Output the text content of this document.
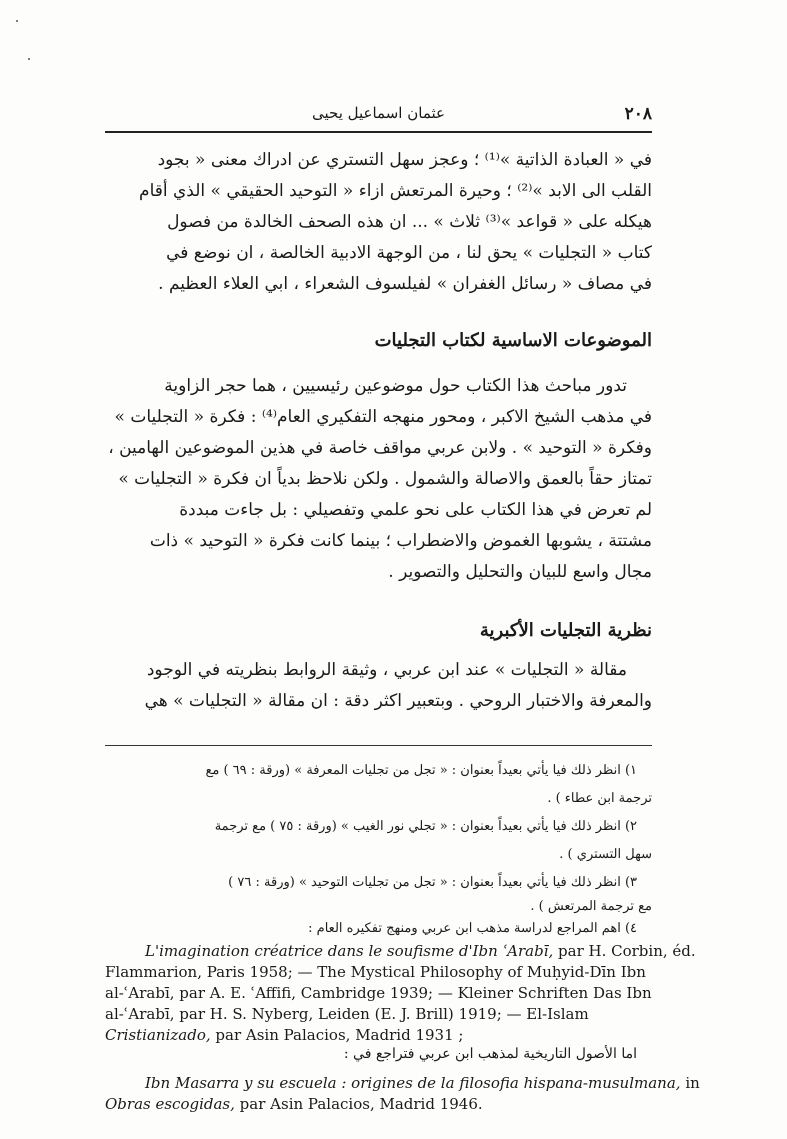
۲۰۸
عثمان اسماعيل يحيى
في « العبادة الذاتية »⁽¹⁾ ؛ وعجز سهل التستري عن ادراك معنى « بجود
القلب الى الابد »⁽²⁾ ؛ وحيرة المرتعش ازاء « التوحيد الحقيقي » الذي أقام
هيكله على « قواعد »⁽³⁾ ثلاث » ... ان هذه الصحف الخالدة من فصول
كتاب « التجليات » يحق لنا ، من الوجهة الادبية الخالصة ، ان نوضع في
في مصاف « رسائل الغفران » لفيلسوف الشعراء ، ابي العلاء العظيم .
الموضوعات الاساسية لكتاب التجليات
تدور مباحث هذا الكتاب حول موضوعين رئيسيين ، هما حجر الزاوية
في مذهب الشيخ الاكبر ، ومحور منهجه التفكيري العام⁽⁴⁾ : فكرة « التجليات »
وفكرة « التوحيد » . ولابن عربي مواقف خاصة في هذين الموضوعين الهامين ،
تمتاز حقاً بالعمق والاصالة والشمول . ولكن نلاحظ بدياً ان فكرة « التجليات »
لم تعرض في هذا الكتاب على نحو علمي وتفصيلي : بل جاءت مبددة
مشتتة ، يشوبها الغموض والاضطراب ؛ بينما كانت فكرة « التوحيد » ذات
مجال واسع للبيان والتحليل والتصوير .
نظرية التجليات الأكبرية
مقالة « التجليات » عند ابن عربي ، وثيقة الروابط بنظريته في الوجود
والمعرفة والاختبار الروحي . وبتعبير اكثر دقة : ان مقالة « التجليات » هي
١) انظر ذلك فيا يأتي بعيداً بعنوان : « تجل من تجليات المعرفة » (ورقة : ٦٩ ) مع
ترجمة ابن عطاء ) .
٢) انظر ذلك فيا يأتي بعيداً بعنوان : « تجلي نور الغيب » (ورقة : ٧٥ ) مع ترجمة
سهل التستري ) .
٣) انظر ذلك فيا يأتي بعيداً بعنوان : « تجل من تجليات التوحيد » (ورقة : ٧٦ )
مع ترجمة المرتعش ) .
٤) اهم المراجع لدراسة مذهب ابن عربي ومنهج تفكيره العام :
L'imagination créatrice dans le soufisme d'Ibn ʿArabī, par H. Corbin, éd.
Flammarion, Paris 1958; — The Mystical Philosophy of Muḥyid-Dīn Ibn
al-ʿArabī, par A. E. ʿAffifi, Cambridge 1939; — Kleiner Schriften Das Ibn
al-ʿArabī, par H. S. Nyberg, Leiden (E. J. Brill) 1919; — El-Islam
Cristianizado, par Asin Palacios, Madrid 1931 ;
اما الأصول التاريخية لمذهب ابن عربي فتراجع في :
Ibn Masarra y su escuela : origines de la filosofia hispana-musulmana, in
Obras escogidas, par Asin Palacios, Madrid 1946.
